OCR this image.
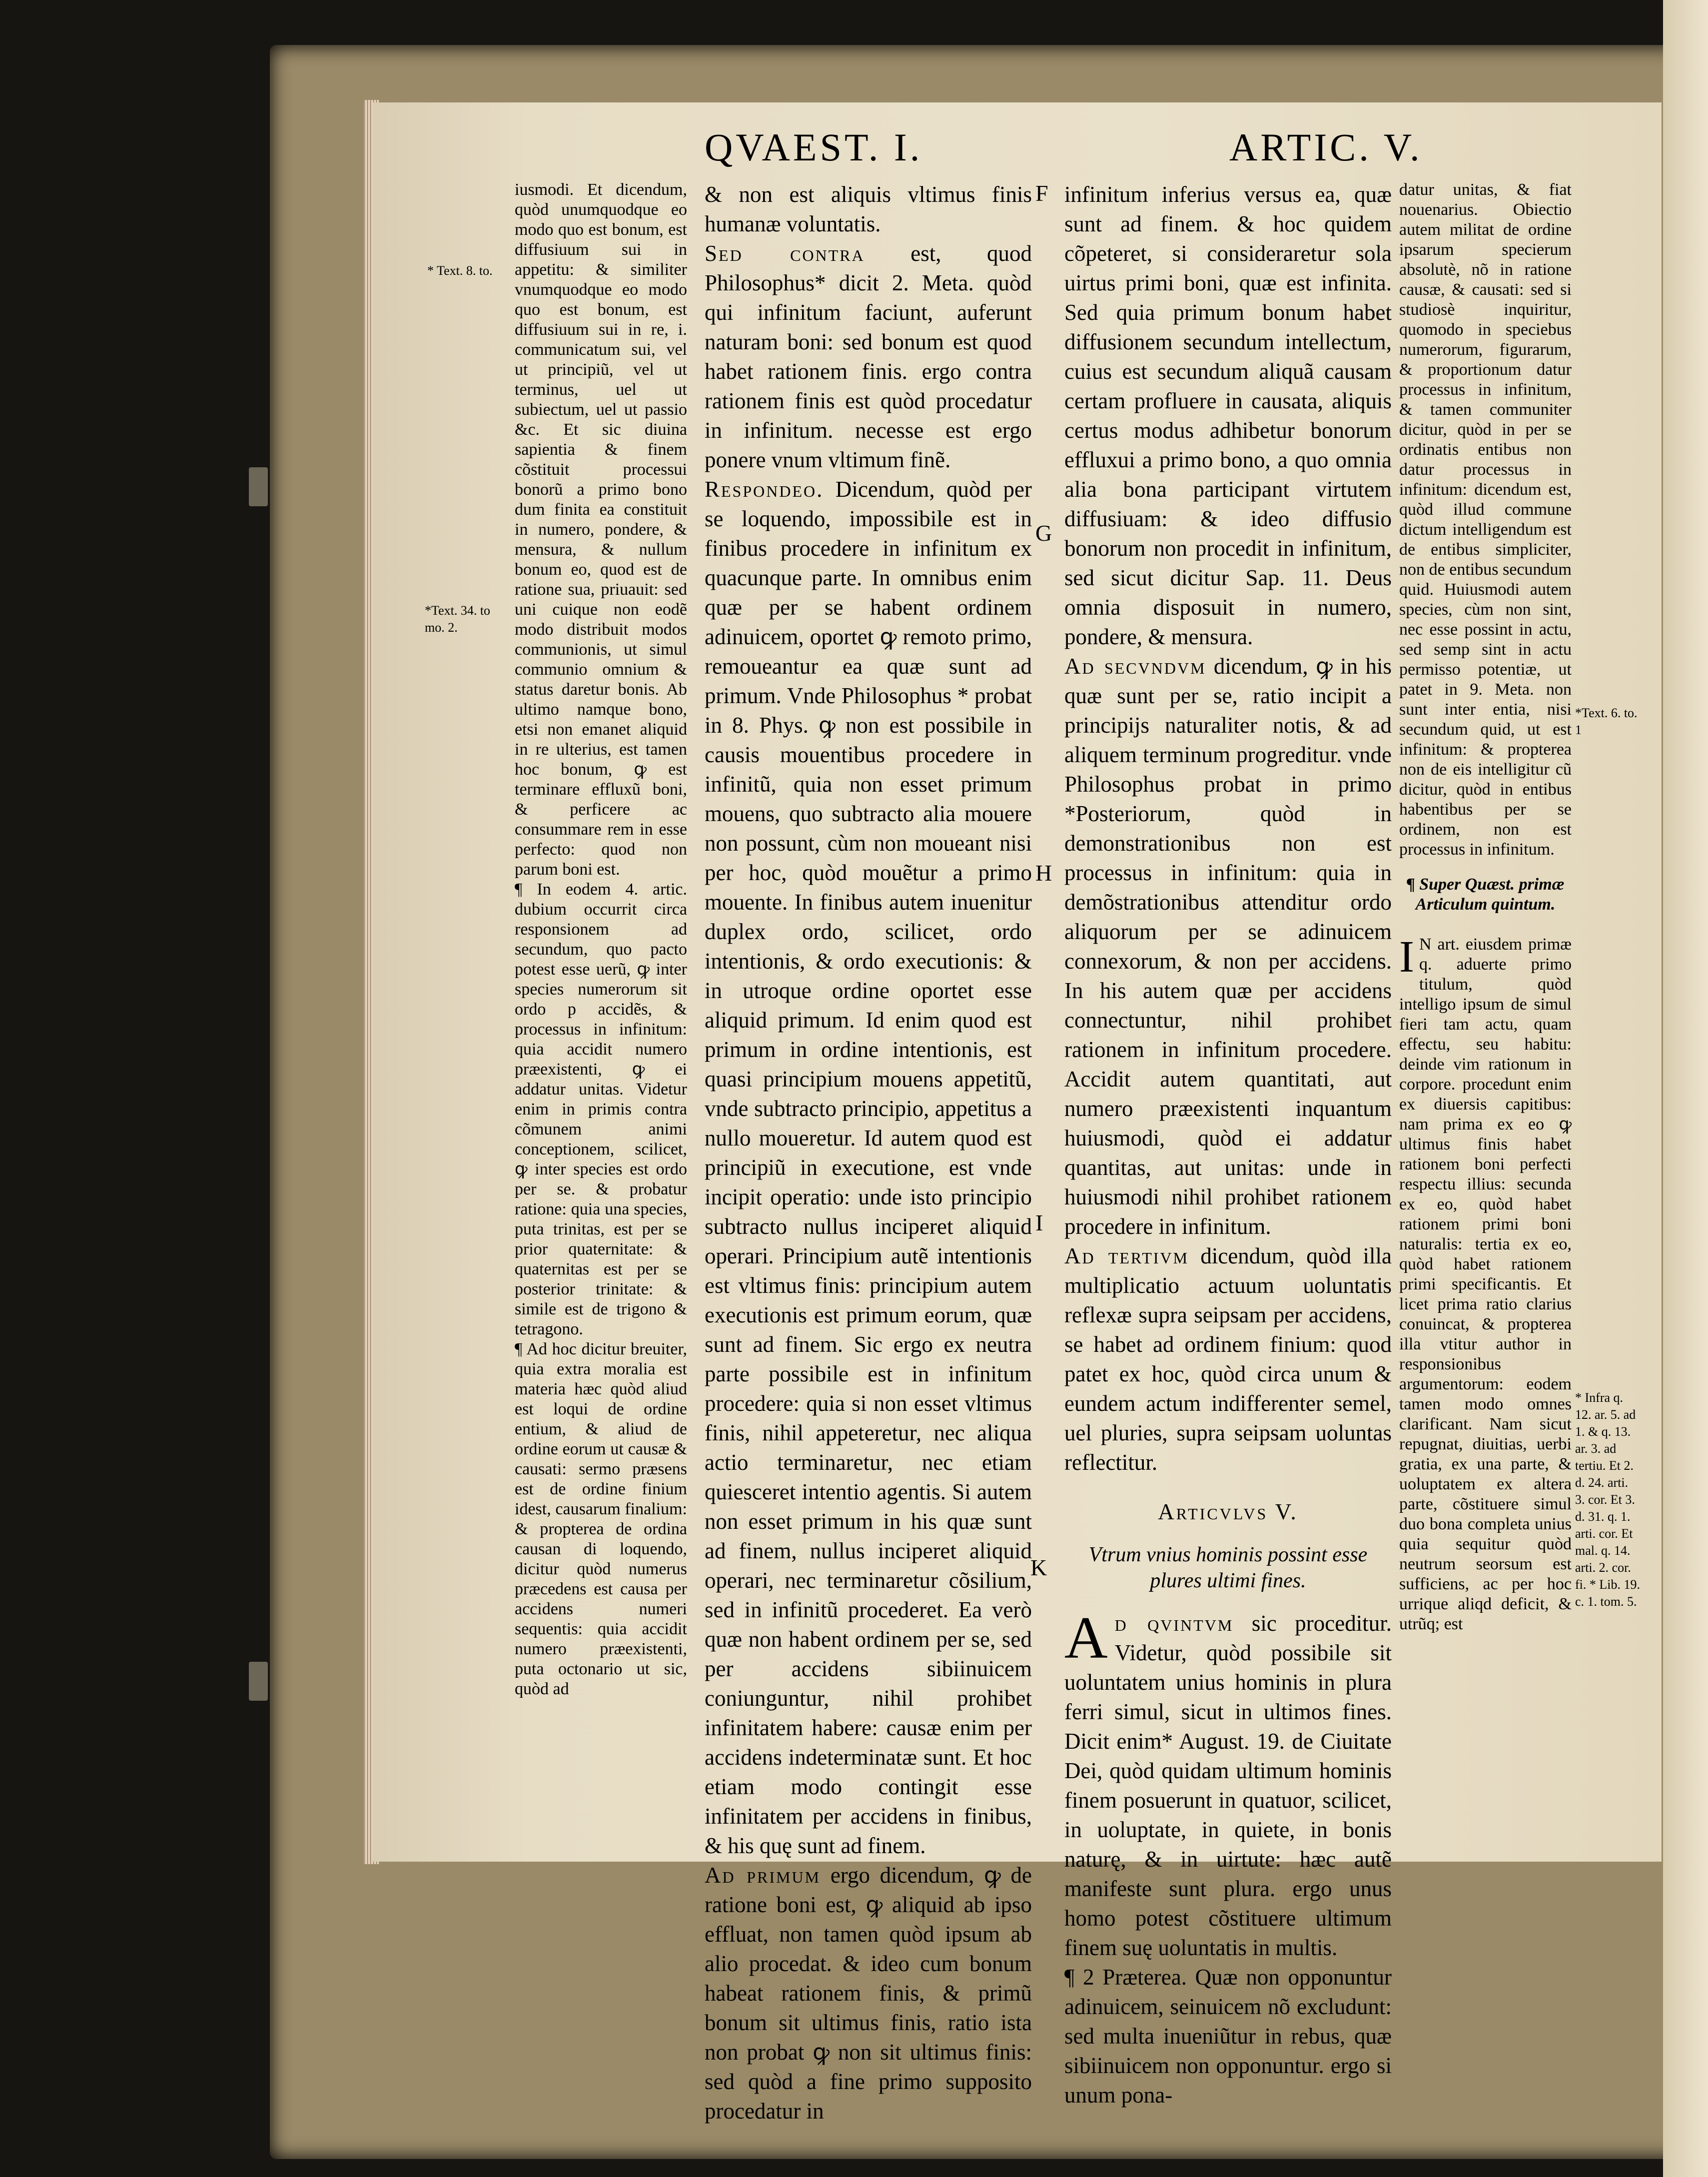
QVAEST. I.	ARTIC. V.
* Text. 8. to.
*Text. 34. to mo. 2.
*Text. 6. to. 1
* Infra q. 12. ar. 5. ad 1. & q. 13. ar. 3. ad tertiu. Et 2. d. 24. arti. 3. cor. Et 3. d. 31. q. 1. arti. cor. Et mal. q. 14. arti. 2. cor. fi. * Lib. 19. c. 1. tom. 5.
F
G
H
I
K

iusmodi. Et dicendum, quòd unumquodque eo modo quo est bonum, est diffusiuum sui in appetitu: & similiter vnumquodque eo modo quo est bonum, est diffusiuum sui in re, i. communicatum sui, vel ut principiũ, vel ut terminus, uel ut subiectum, uel ut passio &c. Et sic diuina sapientia & finem cõstituit processui bonorũ a primo bono dum finita ea constituit in numero, pondere, & mensura, & nullum bonum eo, quod est de ratione sua, priuauit: sed uni cuique non eodẽ modo distribuit modos communionis, ut simul communio omnium & status daretur bonis. Ab ultimo namque bono, etsi non emanet aliquid in re ulterius, est tamen hoc bonum, ꝙ est terminare effluxũ boni, & perficere ac consummare rem in esse perfecto: quod non parum boni est.

¶ In eodem 4. artic. dubium occurrit circa responsionem ad secundum, quo pacto potest esse uerũ, ꝙ inter species numerorum sit ordo p accidẽs, & processus in infinitum: quia accidit numero præexistenti, ꝙ ei addatur unitas. Videtur enim in primis contra cõmunem animi conceptionem, scilicet, ꝙ inter species est ordo per se. & probatur ratione: quia una species, puta trinitas, est per se prior quaternitate: & quaternitas est per se posterior trinitate: & simile est de trigono & tetragono.

¶ Ad hoc dicitur breuiter, quia extra moralia est materia hæc quòd aliud est loqui de ordine entium, & aliud de ordine eorum ut causæ & causati: sermo præsens est de ordine finium idest, causarum finalium: & propterea de ordina causan di loquendo, dicitur quòd numerus præcedens est causa per accidens numeri sequentis: quia accidit numero præexistenti, puta octonario ut sic, quòd ad

& non est aliquis vltimus finis humanæ voluntatis.

Sed contra est, quod Philosophus* dicit 2. Meta. quòd qui infinitum faciunt, auferunt naturam boni: sed bonum est quod habet rationem finis. ergo contra rationem finis est quòd procedatur in infinitum. necesse est ergo ponere vnum vltimum finẽ.

Respondeo. Dicendum, quòd per se loquendo, impossibile est in finibus procedere in infinitum ex quacunque parte. In omnibus enim quæ per se habent ordinem adinuicem, oportet ꝙ remoto primo, remoueantur ea quæ sunt ad primum. Vnde Philosophus * probat in 8. Phys. ꝙ non est possibile in causis mouentibus procedere in infinitũ, quia non esset primum mouens, quo subtracto alia mouere non possunt, cùm non moueant nisi per hoc, quòd mouẽtur a primo mouente. In finibus autem inuenitur duplex ordo, scilicet, ordo intentionis, & ordo executionis: & in utroque ordine oportet esse aliquid primum. Id enim quod est primum in ordine intentionis, est quasi principium mouens appetitũ, vnde subtracto principio, appetitus a nullo moueretur. Id autem quod est principiũ in executione, est vnde incipit operatio: unde isto principio subtracto nullus inciperet aliquid operari. Principium autẽ intentionis est vltimus finis: principium autem executionis est primum eorum, quæ sunt ad finem. Sic ergo ex neutra parte possibile est in infinitum procedere: quia si non esset vltimus finis, nihil appeteretur, nec aliqua actio terminaretur, nec etiam quiesceret intentio agentis. Si autem non esset primum in his quæ sunt ad finem, nullus inciperet aliquid operari, nec terminaretur cõsilium, sed in infinitũ procederet. Ea verò quæ non habent ordinem per se, sed per accidens sibiinuicem coniunguntur, nihil prohibet infinitatem habere: causæ enim per accidens indeterminatæ sunt. Et hoc etiam modo contingit esse infinitatem per accidens in finibus, & his quę sunt ad finem.

Ad primum ergo dicendum, ꝙ de ratione boni est, ꝙ aliquid ab ipso effluat, non tamen quòd ipsum ab alio procedat. & ideo cum bonum habeat rationem finis, & primũ bonum sit ultimus finis, ratio ista non probat ꝙ non sit ultimus finis: sed quòd a fine primo supposito procedatur in

infinitum inferius versus ea, quæ sunt ad finem. & hoc quidem cõpeteret, si consideraretur sola uirtus primi boni, quæ est infinita. Sed quia primum bonum habet diffusionem secundum intellectum, cuius est secundum aliquã causam certam profluere in causata, aliquis certus modus adhibetur bonorum effluxui a primo bono, a quo omnia alia bona participant virtutem diffusiuam: & ideo diffusio bonorum non procedit in infinitum, sed sicut dicitur Sap. 11. Deus omnia disposuit in numero, pondere, & mensura.

Ad secvndvm dicendum, ꝙ in his quæ sunt per se, ratio incipit a principijs naturaliter notis, & ad aliquem terminum progreditur. vnde Philosophus probat in primo *Posteriorum, quòd in demonstrationibus non est processus in infinitum: quia in demõstrationibus attenditur ordo aliquorum per se adinuicem connexorum, & non per accidens. In his autem quæ per accidens connectuntur, nihil prohibet rationem in infinitum procedere. Accidit autem quantitati, aut numero præexistenti inquantum huiusmodi, quòd ei addatur quantitas, aut unitas: unde in huiusmodi nihil prohibet rationem procedere in infinitum.

Ad tertivm dicendum, quòd illa multiplicatio actuum uoluntatis reflexæ supra seipsam per accidens, se habet ad ordinem finium: quod patet ex hoc, quòd circa unum & eundem actum indifferenter semel, uel pluries, supra seipsam uoluntas reflectitur.

Articvlvs V.

Vtrum vnius hominis possint esse plures ultimi fines.

Ad qvintvm sic proceditur. Videtur, quòd possibile sit uoluntatem unius hominis in plura ferri simul, sicut in ultimos fines. Dicit enim* August. 19. de Ciuitate Dei, quòd quidam ultimum hominis finem posuerunt in quatuor, scilicet, in uoluptate, in quiete, in bonis naturę, & in uirtute: hæc autẽ manifeste sunt plura. ergo unus homo potest cõstituere ultimum finem suę uoluntatis in multis.

¶ 2 Præterea. Quæ non opponuntur adinuicem, seinuicem nõ excludunt: sed multa inueniũtur in rebus, quæ sibiinuicem non opponuntur. ergo si unum pona-

datur unitas, & fiat nouenarius. Obiectio autem militat de ordine ipsarum specierum absolutè, nõ in ratione causæ, & causati: sed si studiosè inquiritur, quomodo in speciebus numerorum, figurarum, & proportionum datur processus in infinitum, & tamen communiter dicitur, quòd in per se ordinatis entibus non datur processus in infinitum: dicendum est, quòd illud commune dictum intelligendum est de entibus simpliciter, non de entibus secundum quid. Huiusmodi autem species, cùm non sint, nec esse possint in actu, sed semp sint in actu permisso potentiæ, ut patet in 9. Meta. non sunt inter entia, nisi secundum quid, ut est infinitum: & propterea non de eis intelligitur cũ dicitur, quòd in entibus habentibus per se ordinem, non est processus in infinitum.

¶ Super Quæst. primæ Articulum quintum.

I N art. eiusdem primæ q. aduerte primo titulum, quòd intelligo ipsum de simul fieri tam actu, quam effectu, seu habitu: deinde vim rationum in corpore. procedunt enim ex diuersis capitibus: nam prima ex eo ꝙ ultimus finis habet rationem boni perfecti respectu illius: secunda ex eo, quòd habet rationem primi boni naturalis: tertia ex eo, quòd habet rationem primi specificantis. Et licet prima ratio clarius conuincat, & propterea illa vtitur author in responsionibus argumentorum: eodem tamen modo omnes clarificant. Nam sicut repugnat, diuitias, uerbi gratia, ex una parte, & uoluptatem ex altera parte, cõstituere simul duo bona completa unius quia sequitur quòd neutrum seorsum est sufficiens, ac per hoc urrique aliqd deficit, & utrũq; est
